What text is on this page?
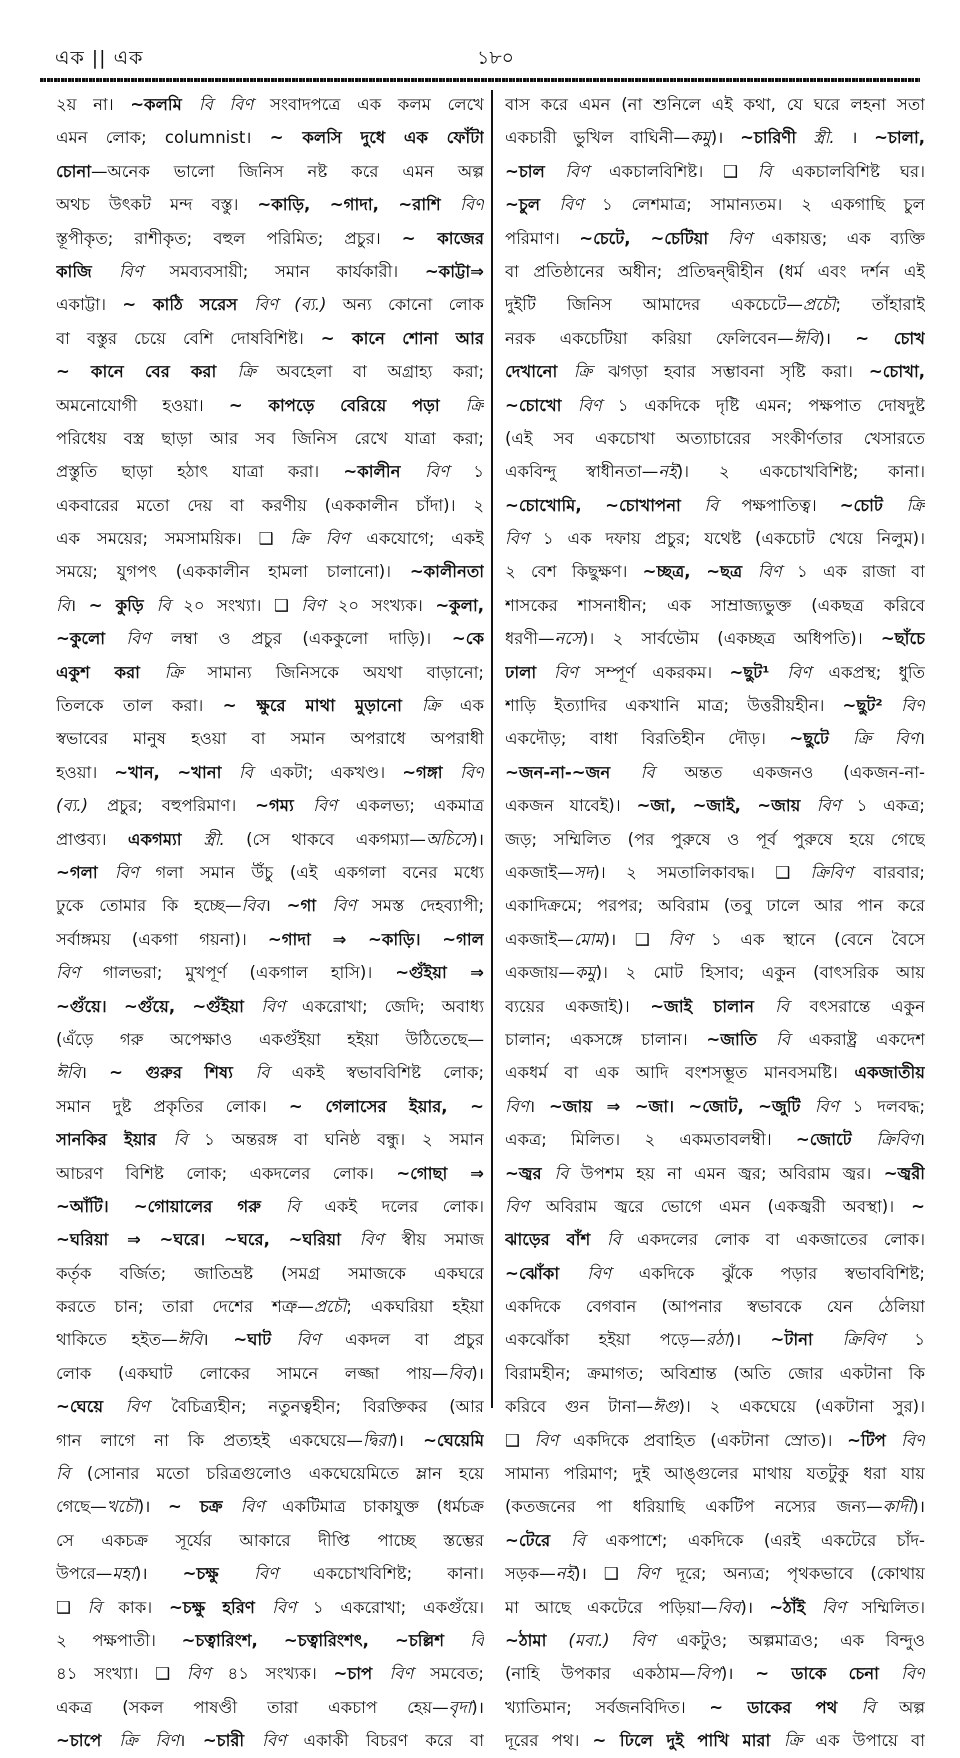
এক || এক	১৮০
২য় না। ~কলমি বি বিণ সংবাদপত্রে এক কলম লেখে
এমন লোক; columnist। ~ কলসি দুধে এক ফোঁটা
চোনা—অনেক ভালো জিনিস নষ্ট করে এমন অল্প
অথচ উৎকট মন্দ বস্তু। ~কাড়ি, ~গাদা, ~রাশি বিণ
স্তূপীকৃত; রাশীকৃত; বহুল পরিমিত; প্রচুর। ~ কাজের
কাজি বিণ সমব্যবসায়ী; সমান কার্যকারী। ~কাট্টা⇒
একাট্টা। ~ কাঠি সরেস বিণ (ব্য.) অন্য কোনো লোক
বা বস্তুর চেয়ে বেশি দোষবিশিষ্ট। ~ কানে শোনা আর
~ কানে বের করা ক্রি অবহেলা বা অগ্রাহ্য করা;
অমনোযোগী হওয়া। ~ কাপড়ে বেরিয়ে পড়া ক্রি
পরিধেয় বস্ত্র ছাড়া আর সব জিনিস রেখে যাত্রা করা;
প্রস্তুতি ছাড়া হঠাৎ যাত্রা করা। ~কালীন বিণ ১
একবারের মতো দেয় বা করণীয় (এককালীন চাঁদা)। ২
এক সময়ের; সমসাময়িক। ❑ ক্রি বিণ একযোগে; একই
সময়ে; যুগপৎ (এককালীন হামলা চালানো)। ~কালীনতা
বি। ~ কুড়ি বি ২০ সংখ্যা। ❑ বিণ ২০ সংখ্যক। ~কুলা,
~কুলো বিণ লম্বা ও প্রচুর (এককুলো দাড়ি)। ~কে
একুশ করা ক্রি সামান্য জিনিসকে অযথা বাড়ানো;
তিলকে তাল করা। ~ ক্ষুরে মাথা মুড়ানো ক্রি এক
স্বভাবের মানুষ হওয়া বা সমান অপরাধে অপরাধী
হওয়া। ~খান, ~খানা বি একটা; একখণ্ড। ~গঙ্গা বিণ
(ব্য.) প্রচুর; বহুপরিমাণ। ~গম্য বিণ একলভ্য; একমাত্র
প্রাপ্তব্য। একগম্যা স্ত্রী. (সে থাকবে একগম্যা—অচিসে)।
~গলা বিণ গলা সমান উঁচু (এই একগলা বনের মধ্যে
ঢুকে তোমার কি হচ্ছে—বিব। ~গা বিণ সমস্ত দেহব্যাপী;
সর্বাঙ্গময় (একগা গয়না)। ~গাদা ⇒ ~কাড়ি। ~গাল
বিণ গালভরা; মুখপূর্ণ (একগাল হাসি)। ~গুঁইয়া ⇒
~গুঁয়ে। ~গুঁয়ে, ~গুঁইয়া বিণ একরোখা; জেদি; অবাধ্য
(এঁড়ে গরু অপেক্ষাও একগুঁইয়া হইয়া উঠিতেছে—
ঈবি। ~ গুরুর শিষ্য বি একই স্বভাববিশিষ্ট লোক;
সমান দুষ্ট প্রকৃতির লোক। ~ গেলাসের ইয়ার, ~
সানকির ইয়ার বি ১ অন্তরঙ্গ বা ঘনিষ্ঠ বন্ধু। ২ সমান
আচরণ বিশিষ্ট লোক; একদলের লোক। ~গোছা ⇒
~আঁটি। ~গোয়ালের গরু বি একই দলের লোক।
~ঘরিয়া ⇒ ~ঘরে। ~ঘরে, ~ঘরিয়া বিণ স্বীয় সমাজ
কর্তৃক বর্জিত; জাতিভ্রষ্ট (সমগ্র সমাজকে একঘরে
করতে চান; তারা দেশের শত্রু—প্রচৌ; একঘরিয়া হইয়া
থাকিতে হইত—ঈবি। ~ঘাট বিণ একদল বা প্রচুর
লোক (একঘাট লোকের সামনে লজ্জা পায়—বিব)।
~ঘেয়ে বিণ বৈচিত্র্যহীন; নতুনত্বহীন; বিরক্তিকর (আর
গান লাগে না কি প্রত্যহই একঘেয়ে—দ্বিরা)। ~ঘেয়েমি
বি (সোনার মতো চরিত্রগুলোও একঘেয়েমিতে ম্লান হয়ে
গেছে—খচৌ)। ~ চক্র বিণ একটিমাত্র চাকাযুক্ত (ধর্মচক্র
সে একচক্র সূর্যের আকারে দীপ্তি পাচ্ছে স্তম্ভের
উপরে—মহা)। ~চক্ষু বিণ একচোখবিশিষ্ট; কানা।
❑ বি কাক। ~চক্ষু হরিণ বিণ ১ একরোখা; একগুঁয়ে।
২ পক্ষপাতী। ~চত্বারিংশ, ~চত্বারিংশৎ, ~চল্লিশ বি
৪১ সংখ্যা। ❑ বিণ ৪১ সংখ্যক। ~চাপ বিণ সমবেত;
একত্র (সকল পাষণ্ডী তারা একচাপ হেয়—বৃদা)।
~চাপে ক্রি বিণ। ~চারী বিণ একাকী বিচরণ করে বা
বাস করে এমন (না শুনিলে এই কথা, যে ঘরে লহনা সতা
একচারী ভুখিল বাঘিনী—কমু)। ~চারিণী স্ত্রী. । ~চালা,
~চাল বিণ একচালবিশিষ্ট। ❑ বি একচালবিশিষ্ট ঘর।
~চুল বিণ ১ লেশমাত্র; সামান্যতম। ২ একগাছি চুল
পরিমাণ। ~চেটে, ~চেটিয়া বিণ একায়ত্ত; এক ব্যক্তি
বা প্রতিষ্ঠানের অধীন; প্রতিদ্বন্দ্বীহীন (ধর্ম এবং দর্শন এই
দুইটি জিনিস আমাদের একচেটে—প্রচৌ; তাঁহারাই
নরক একচেটিয়া করিয়া ফেলিবেন—ঈবি)। ~ চোখ
দেখানো ক্রি ঝগড়া হবার সম্ভাবনা সৃষ্টি করা। ~চোখা,
~চোখো বিণ ১ একদিকে দৃষ্টি এমন; পক্ষপাত দোষদুষ্ট
(এই সব একচোখা অত্যাচারের সংকীর্ণতার খেসারতে
একবিন্দু স্বাধীনতা—নই)। ২ একচোখবিশিষ্ট; কানা।
~চোখোমি, ~চোখাপনা বি পক্ষপাতিত্ব। ~চোট ক্রি
বিণ ১ এক দফায় প্রচুর; যথেষ্ট (একচোট খেয়ে নিলুম)।
২ বেশ কিছুক্ষণ। ~চ্ছত্র, ~ছত্র বিণ ১ এক রাজা বা
শাসকের শাসনাধীন; এক সাম্রাজ্যভুক্ত (একছত্র করিবে
ধরণী—নসে)। ২ সার্বভৌম (একচ্ছত্র অধিপতি)। ~ছাঁচে
ঢালা বিণ সম্পূর্ণ একরকম। ~ছুট¹ বিণ একপ্রস্থ; ধুতি
শাড়ি ইত্যাদির একখানি মাত্র; উত্তরীয়হীন। ~ছুট² বিণ
একদৌড়; বাধা বিরতিহীন দৌড়। ~ছুটে ক্রি বিণ।
~জন-না-~জন বি অন্তত একজনও (একজন-না-
একজন যাবেই)। ~জা, ~জাই, ~জায় বিণ ১ একত্র;
জড়; সম্মিলিত (পর পুরুষে ও পূর্ব পুরুষে হয়ে গেছে
একজাই—সদ)। ২ সমতালিকাবদ্ধ। ❑ ক্রিবিণ বারবার;
একাদিক্রমে; পরপর; অবিরাম (তবু ঢালে আর পান করে
একজাই—মোম)। ❑ বিণ ১ এক স্থানে (বেনে বৈসে
একজায়—কমু)। ২ মোট হিসাব; একুন (বাৎসরিক আয়
ব্যয়ের একজাই)। ~জাই চালান বি বৎসরান্তে একুন
চালান; একসঙ্গে চালান। ~জাতি বি একরাষ্ট্র একদেশ
একধর্ম বা এক আদি বংশসম্ভূত মানবসমষ্টি। একজাতীয়
বিণ। ~জায় ⇒ ~জা। ~জোট, ~জুটি বিণ ১ দলবদ্ধ;
একত্র; মিলিত। ২ একমতাবলম্বী। ~জোটে ক্রিবিণ।
~জ্বর বি উপশম হয় না এমন জ্বর; অবিরাম জ্বর। ~জ্বরী
বিণ অবিরাম জ্বরে ভোগে এমন (একজ্বরী অবস্থা)। ~
ঝাড়ের বাঁশ বি একদলের লোক বা একজাতের লোক।
~ঝোঁকা বিণ একদিকে ঝুঁকে পড়ার স্বভাববিশিষ্ট;
একদিকে বেগবান (আপনার স্বভাবকে যেন ঠেলিয়া
একঝোঁকা হইয়া পড়ে—রঠা)। ~টানা ক্রিবিণ ১
বিরামহীন; ক্রমাগত; অবিশ্রান্ত (অতি জোর একটানা কি
করিবে গুন টানা—ঈগু)। ২ একঘেয়ে (একটানা সুর)।
❑ বিণ একদিকে প্রবাহিত (একটানা স্রোত)। ~টিপ বিণ
সামান্য পরিমাণ; দুই আঙ্গুলের মাথায় যতটুকু ধরা যায়
(কতজনের পা ধরিয়াছি একটিপ নস্যের জন্য—কাদী)।
~টেরে বি একপাশে; একদিকে (এরই একটেরে চাঁদ-
সড়ক—নই)। ❑ বিণ দূরে; অন্যত্র; পৃথকভাবে (কোথায়
মা আছে একটেরে পড়িয়া—বিব)। ~ঠাঁই বিণ সম্মিলিত।
~ঠামা (মবা.) বিণ একটুও; অল্পমাত্রও; এক বিন্দুও
(নাহি উপকার একঠাম—বিপ)। ~ ডাকে চেনা বিণ
খ্যাতিমান; সর্বজনবিদিত। ~ ডাকের পথ বি অল্প
দূরের পথ। ~ ঢিলে দুই পাখি মারা ক্রি এক উপায়ে বা
